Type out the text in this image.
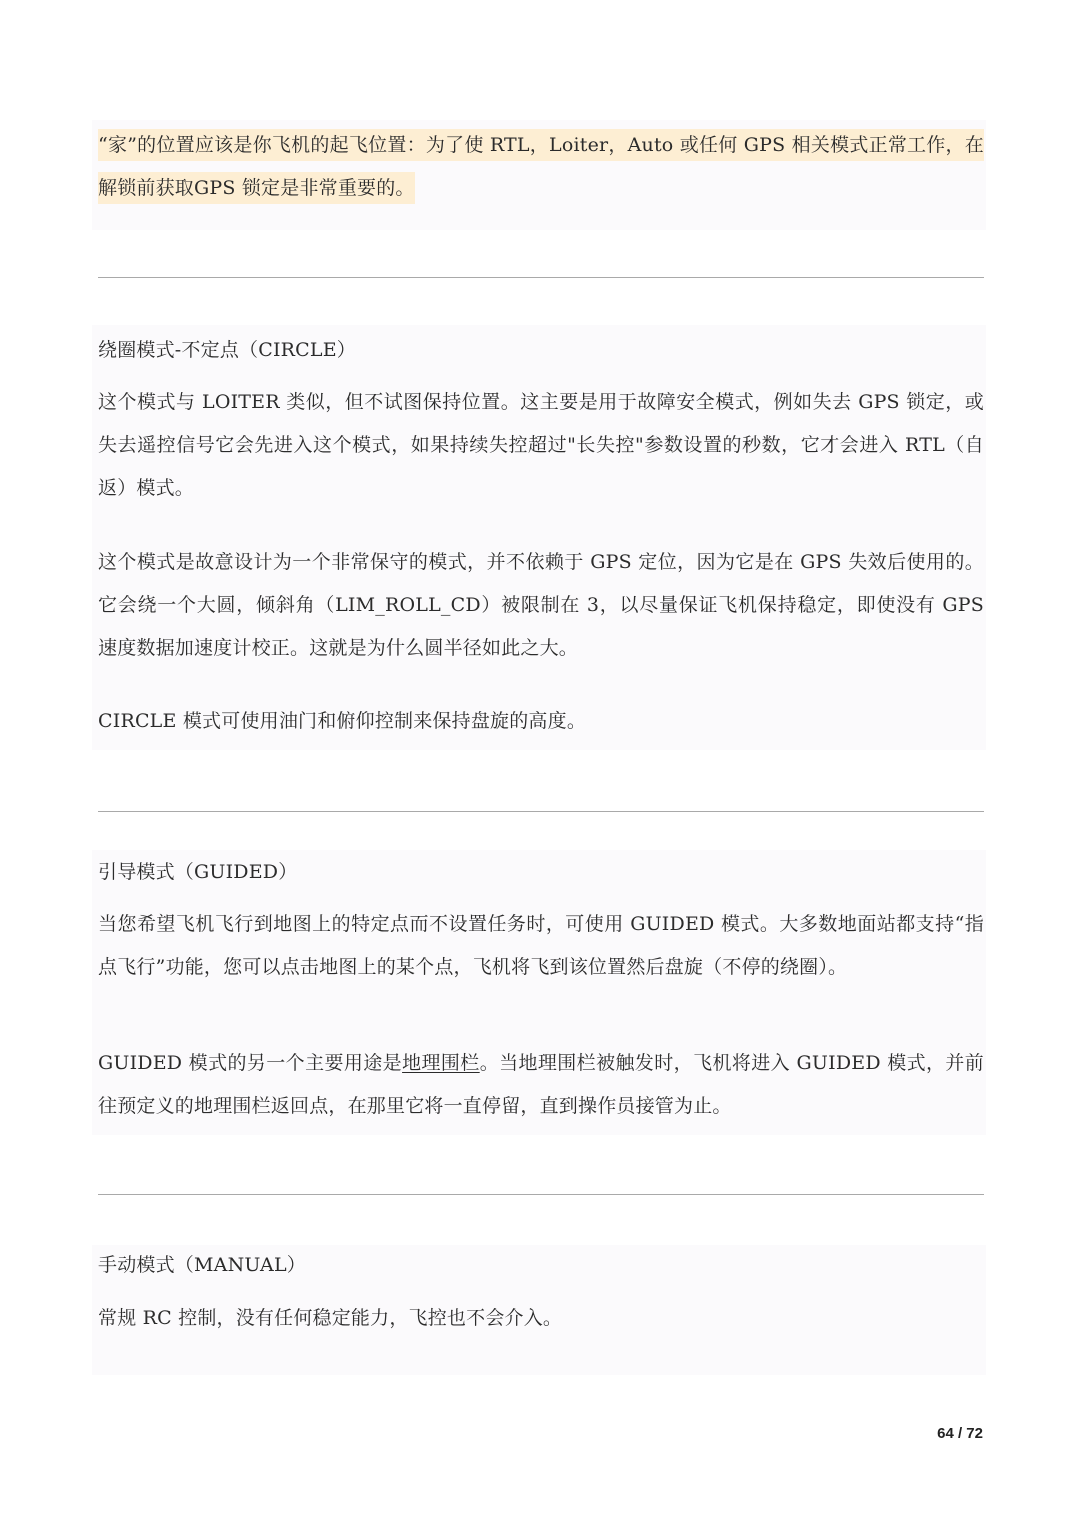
“家”的位置应该是你飞机的起飞位置：为了使 RTL，Loiter，Auto 或任何 GPS 相关模式正常工作，在解锁前获取GPS 锁定是非常重要的。

绕圈模式-不定点（CIRCLE）

这个模式与 LOITER 类似，但不试图保持位置。这主要是用于故障安全模式，例如失去 GPS 锁定，或失去遥控信号它会先进入这个模式，如果持续失控超过"长失控"参数设置的秒数，它才会进入 RTL（自返）模式。

这个模式是故意设计为一个非常保守的模式，并不依赖于 GPS 定位，因为它是在 GPS 失效后使用的。它会绕一个大圆，倾斜角（LIM_ROLL_CD）被限制在 3，以尽量保证飞机保持稳定，即使没有 GPS 速度数据加速度计校正。这就是为什么圆半径如此之大。

CIRCLE 模式可使用油门和俯仰控制来保持盘旋的高度。

引导模式（GUIDED）

当您希望飞机飞行到地图上的特定点而不设置任务时，可使用 GUIDED 模式。大多数地面站都支持“指点飞行”功能，您可以点击地图上的某个点，飞机将飞到该位置然后盘旋（不停的绕圈）。

GUIDED 模式的另一个主要用途是地理围栏。当地理围栏被触发时，飞机将进入 GUIDED 模式，并前往预定义的地理围栏返回点，在那里它将一直停留，直到操作员接管为止。

手动模式（MANUAL）

常规 RC 控制，没有任何稳定能力，飞控也不会介入。

64 / 72
